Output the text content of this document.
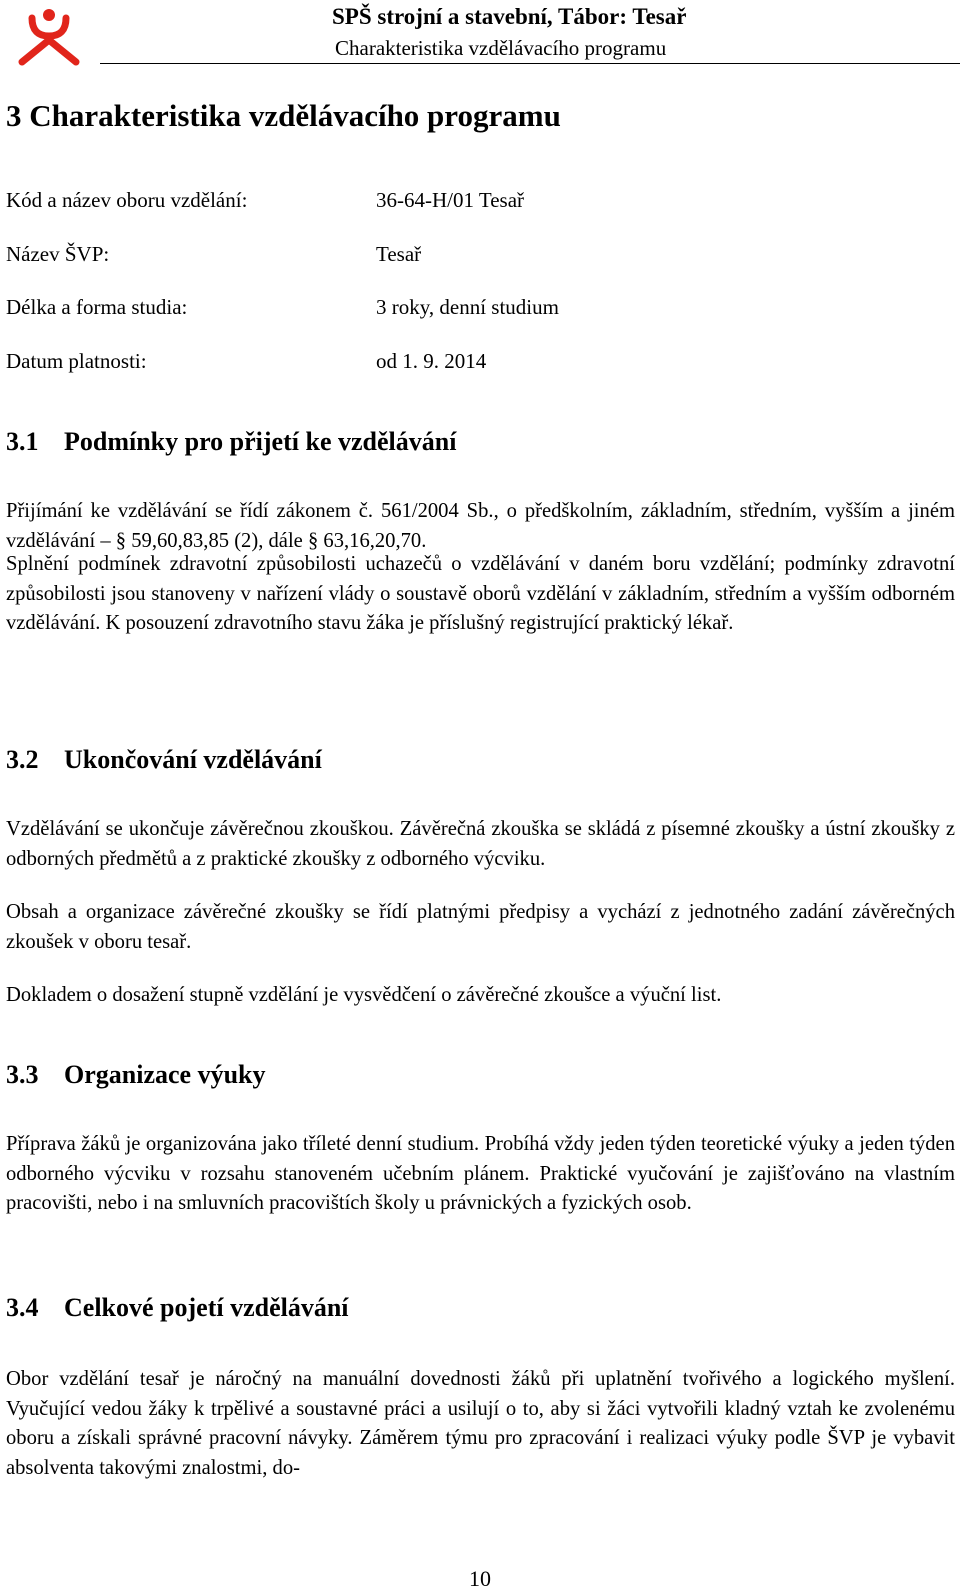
SPŠ strojní a stavební, Tábor: Tesař
Charakteristika vzdělávacího programu
3 Charakteristika vzdělávacího programu
Kód a název oboru vzdělání:	36-64-H/01 Tesař
Název ŠVP:	Tesař
Délka a forma studia:	3 roky, denní studium
Datum platnosti:	od 1. 9. 2014
3.1 Podmínky pro přijetí ke vzdělávání
Přijímání ke vzdělávání se řídí zákonem č. 561/2004 Sb., o předškolním, základním, středním, vyšším a jiném vzdělávání – § 59,60,83,85 (2), dále § 63,16,20,70.
Splnění podmínek zdravotní způsobilosti uchazečů o vzdělávání v daném boru vzdělání; podmínky zdravotní způsobilosti jsou stanoveny v nařízení vlády o soustavě oborů vzdělání v základním, středním a vyšším odborném vzdělávání. K posouzení zdravotního stavu žáka je příslušný registrující praktický lékař.
3.2 Ukončování vzdělávání
Vzdělávání se ukončuje závěrečnou zkouškou. Závěrečná zkouška se skládá z písemné zkoušky a ústní zkoušky z odborných předmětů a z praktické zkoušky z odborného výcviku.
Obsah a organizace závěrečné zkoušky se řídí platnými předpisy a vychází z jednotného zadání závěrečných zkoušek v oboru tesař.
Dokladem o dosažení stupně vzdělání je vysvědčení o závěrečné zkoušce a výuční list.
3.3 Organizace výuky
Příprava žáků je organizována jako tříleté denní studium. Probíhá vždy jeden týden teoretické výuky a jeden týden odborného výcviku v rozsahu stanoveném učebním plánem. Praktické vyučování je zajišťováno na vlastním pracovišti, nebo i na smluvních pracovištích školy u právnických a fyzických osob.
3.4 Celkové pojetí vzdělávání
Obor vzdělání tesař je náročný na manuální dovednosti žáků při uplatnění tvořivého a logického myšlení. Vyučující vedou žáky k trpělivé a soustavné práci a usilují o to, aby si žáci vytvořili kladný vztah ke zvolenému oboru a získali správné pracovní návyky. Záměrem týmu pro zpracování i realizaci výuky podle ŠVP je vybavit absolventa takovými znalostmi, do-
10
